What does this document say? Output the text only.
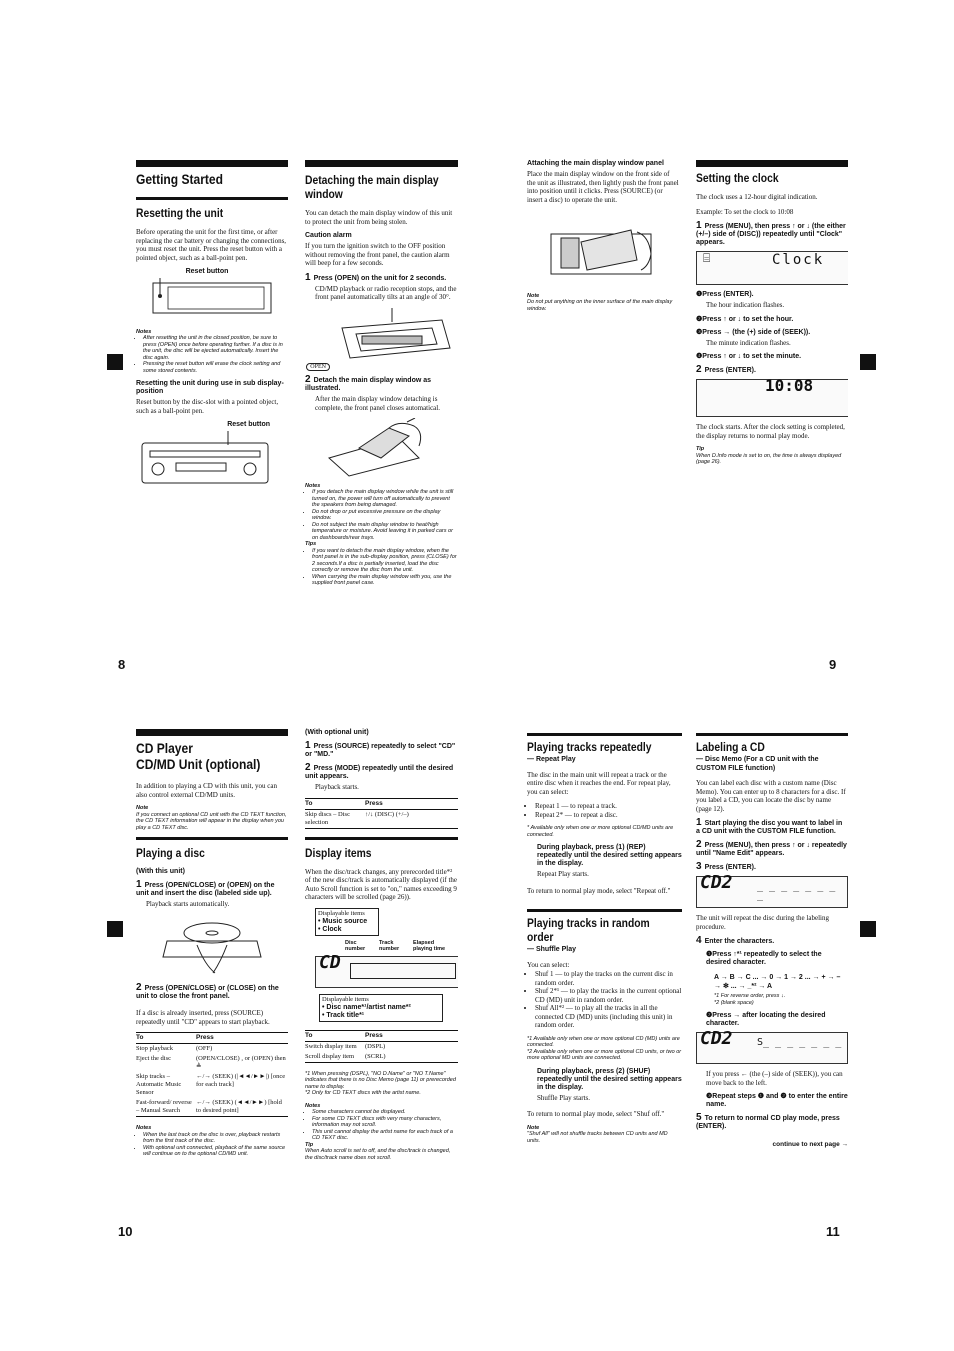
Getting Started
Resetting the unit

Before operating the unit for the first time, or after replacing the car battery or changing the connections, you must reset the unit. Press the reset button with a pointed object, such as a ball-point pen.

Reset button
Notes
• After resetting the unit in the closed position, be sure to press (OPEN) once before operating further. If a disc is in the unit, the disc will be ejected automatically. Insert the disc again.
• Pressing the reset button will erase the clock setting and some stored contents.
Resetting the unit during use in sub display-position

Reset button by the disc-slot with a pointed object, such as a ball-point pen.

Reset button
Detaching the main display window

You can detach the main display window of this unit to protect the unit from being stolen.

Caution alarm

If you turn the ignition switch to the OFF position without removing the front panel, the caution alarm will beep for a few seconds.

1 Press (OPEN) on the unit for 2 seconds.

CD/MD playback or radio reception stops, and the front panel automatically tilts at an angle of 30°.

OPEN
2 Detach the main display window as illustrated.

After the main display window detaching is complete, the front panel closes automatical.

Notes
• If you detach the main display window while the unit is still turned on, the power will turn off automatically to prevent the speakers from being damaged.
• Do not drop or put excessive pressure on the display window.
• Do not subject the main display window to heat/high temperature or moisture. Avoid leaving it in parked cars or on dashboards/rear trays.
Tips
• If you want to detach the main display window, when the front panel is in the sub-display position, press (CLOSE) for 2 seconds.If a disc is partially inserted, load the disc correctly or remove the disc from the unit.
• When carrying the main display window with you, use the supplied front panel case.
8
Attaching the main display window panel

Place the main display window on the front side of the unit as illustrated, then lightly push the front panel into position until it clicks. Press (SOURCE) (or insert a disc) to operate the unit.

Note
Do not put anything on the inner surface of the main display window.
Setting the clock

The clock uses a 12-hour digital indication.

Example: To set the clock to 10:08

1 Press (MENU), then press ↑ or ↓ (the either (+/–) side of (DISC)) repeatedly until "Clock" appears.
⌸	Clock
❶Press (ENTER).

The hour indication flashes.

❷Press ↑ or ↓ to set the hour.
❸Press → (the (+) side of (SEEK)).

The minute indication flashes.

❹Press ↑ or ↓ to set the minute.
2 Press (ENTER).
10:08

The clock starts. After the clock setting is completed, the display returns to normal play mode.

Tip
When D.Info mode is set to on, the time is always displayed (page 26).
9
CD Player
CD/MD Unit (optional)

In addition to playing a CD with this unit, you can also control external CD/MD units.

Note
If you connect an optional CD unit with the CD TEXT function, the CD TEXT information will appear in the display when you play a CD TEXT disc.
Playing a disc
(With this unit)
1 Press (OPEN/CLOSE) or (OPEN) on the unit and insert the disc (labeled side up).

Playback starts automatically.

2 Press (OPEN/CLOSE) or (CLOSE) on the unit to close the front panel.

If a disc is already inserted, press (SOURCE) repeatedly until "CD" appears to start playback.

To	Press
Stop playback	(OFF)
Eject the disc	(OPEN/CLOSE) , or (OPEN) then ≜
Skip tracks – Automatic Music Sensor	←/→ (SEEK) (|◄◄/►►|) [once for each track]
Fast-forward/ reverse – Manual Search	←/→ (SEEK) (◄◄/►►) [hold to desired point]
Notes
• When the last track on the disc is over, playback restarts from the first track of the disc.
• With optional unit connected, playback of the same source will continue on to the optional CD/MD unit.
(With optional unit)
1 Press (SOURCE) repeatedly to select "CD" or "MD."
2 Press (MODE) repeatedly until the desired unit appears.

Playback starts.

To	Press
Skip discs – Disc selection	↑/↓ (DISC) (+/–)
Display items

When the disc/track changes, any prerecorded title*² of the new disc/track is automatically displayed (if the Auto Scroll function is set to "on," names exceeding 9 characters will be scrolled (page 26)).

Displayable items
• Music source
• Clock
Disc number
Track number
Elapsed playing time
CD
Displayable items
• Disc name*¹/artist name*²
• Track title*¹
To	Press
Switch display item	(DSPL)
Scroll display item	(SCRL)
*1 When pressing (DSPL), "NO D.Name" or "NO T.Name" indicates that there is no Disc Memo (page 11) or prerecorded name to display.
*2 Only for CD TEXT discs with the artist name.
Notes
• Some characters cannot be displayed.
• For some CD TEXT discs with very many characters, information may not scroll.
• This unit cannot display the artist name for each track of a CD TEXT disc.
Tip
When Auto scroll is set to off, and the disc/track is changed, the disc/track name does not scroll.
10
Playing tracks repeatedly
— Repeat Play

The disc in the main unit will repeat a track or the entire disc when it reaches the end. For repeat play, you can select:

• Repeat 1 — to repeat a track.
• Repeat 2* — to repeat a disc.
* Available only when one or more optional CD/MD units are connected.
During playback, press (1) (REP) repeatedly until the desired setting appears in the display.

Repeat Play starts.

To return to normal play mode, select "Repeat off."

Playing tracks in random order
— Shuffle Play

You can select:

• Shuf 1 — to play the tracks on the current disc in random order.
• Shuf 2*¹ — to play the tracks in the current optional CD (MD) unit in random order.
• Shuf All*² — to play all the tracks in all the connected CD (MD) units (including this unit) in random order.
*1 Available only when one or more optional CD (MD) units are connected.
*2 Available only when one or more optional CD units, or two or more optional MD units are connected.
During playback, press (2) (SHUF) repeatedly until the desired setting appears in the display.

Shuffle Play starts.

To return to normal play mode, select "Shuf off."

Note
"Shuf All" will not shuffle tracks between CD units and MD units.
Labeling a CD
— Disc Memo (For a CD unit with the CUSTOM FILE function)

You can label each disc with a custom name (Disc Memo). You can enter up to 8 characters for a disc. If you label a CD, you can locate the disc by name (page 12).

1 Start playing the disc you want to label in a CD unit with the CUSTOM FILE function.
2 Press (MENU), then press ↑ or ↓ repeatedly until "Name Edit" appears.
3 Press (ENTER).
CD2 _ _ _ _ _ _ _ _

The unit will repeat the disc during the labeling procedure.

4 Enter the characters.
❶Press ↑*¹ repeatedly to select the desired character.
A → B → C ... → 0 → 1 → 2 ... → + → – → ✻ ... → _*² → A
*1 For reverse order, press ↓.
*2 (blank space)
❷Press → after locating the desired character.
CD2 S_ _ _ _ _ _ _

If you press ← (the (–) side of (SEEK)), you can move back to the left.

❸Repeat steps ❶ and ❷ to enter the entire name.
5 To return to normal CD play mode, press (ENTER).
continue to next page →
11
